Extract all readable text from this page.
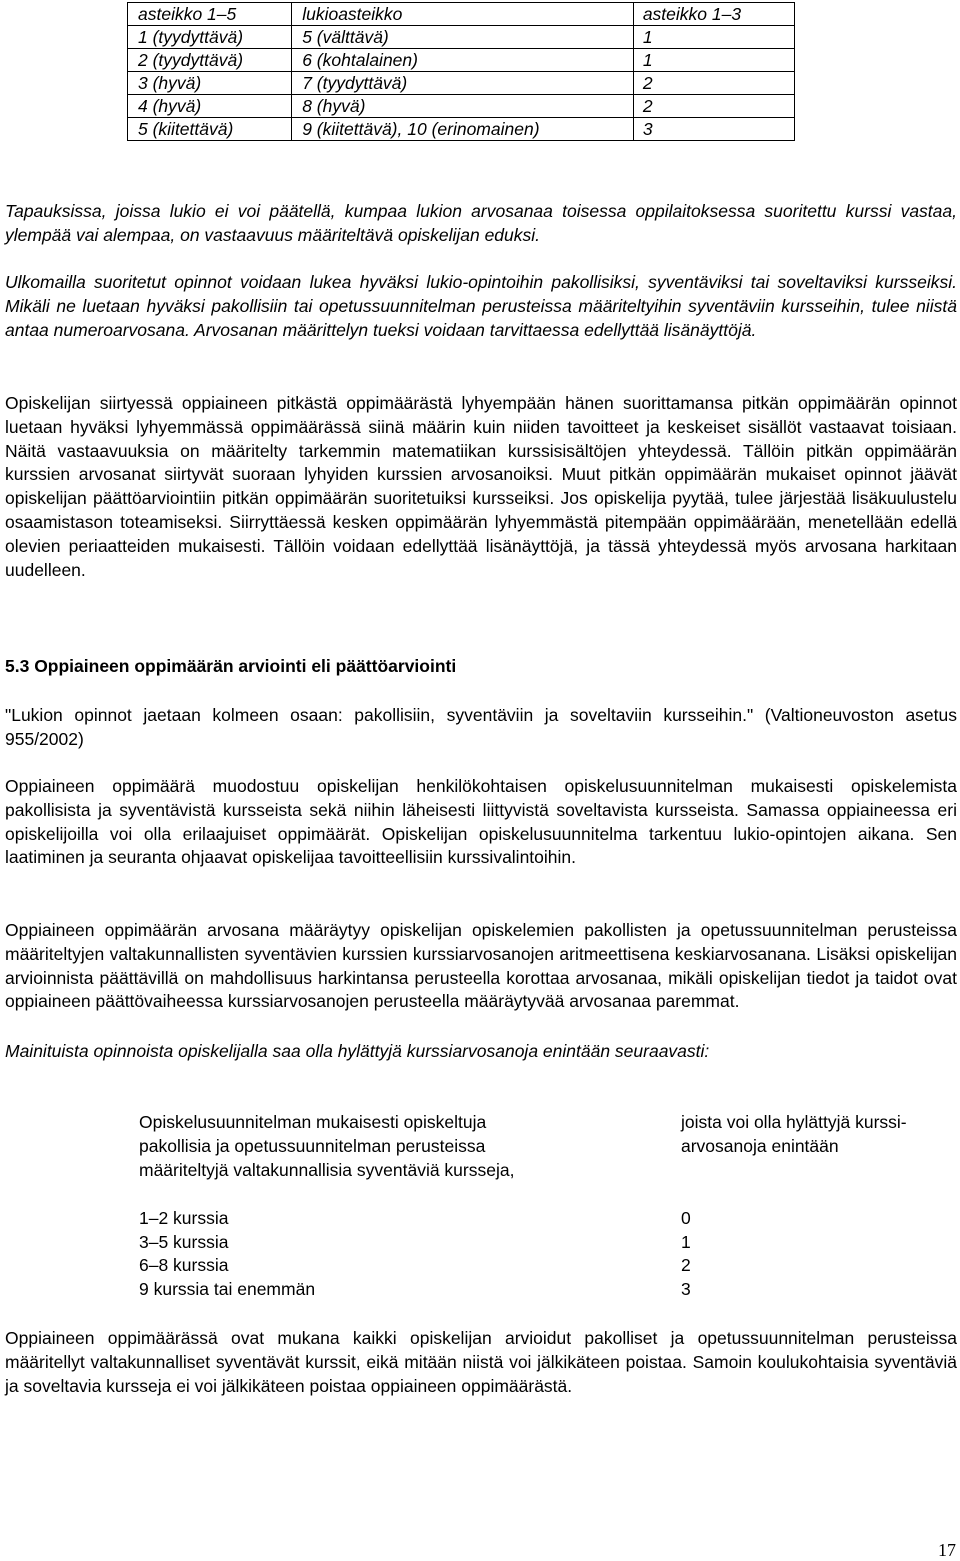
asteikko 1–5	lukioasteikko	asteikko 1–3
1 (tyydyttävä)	5 (välttävä)	1
2 (tyydyttävä)	6 (kohtalainen)	1
3 (hyvä)	7 (tyydyttävä)	2
4 (hyvä)	8 (hyvä)	2
5 (kiitettävä)	9 (kiitettävä), 10 (erinomainen)	3

Tapauksissa, joissa lukio ei voi päätellä, kumpaa lukion arvosanaa toisessa oppilaitoksessa suoritettu kurssi vastaa, ylempää vai alempaa, on vastaavuus määriteltävä opiskelijan eduksi.

Ulkomailla suoritetut opinnot voidaan lukea hyväksi lukio-opintoihin pakollisiksi, syventäviksi tai soveltaviksi kursseiksi. Mikäli ne luetaan hyväksi pakollisiin tai opetussuunnitelman perusteissa määriteltyihin syventäviin kursseihin, tulee niistä antaa numeroarvosana. Arvosanan määrittelyn tueksi voidaan tarvittaessa edellyttää lisänäyttöjä.

Opiskelijan siirtyessä oppiaineen pitkästä oppimäärästä lyhyempään hänen suorittamansa pitkän oppimäärän opinnot luetaan hyväksi lyhyemmässä oppimäärässä siinä määrin kuin niiden tavoitteet ja keskeiset sisällöt vastaavat toisiaan. Näitä vastaavuuksia on määritelty tarkemmin matematiikan kurssisisältöjen yhteydessä. Tällöin pitkän oppimäärän kurssien arvosanat siirtyvät suoraan lyhyiden kurssien arvosanoiksi. Muut pitkän oppimäärän mukaiset opinnot jäävät opiskelijan päättöarviointiin pitkän oppimäärän suoritetuiksi kursseiksi. Jos opiskelija pyytää, tulee järjestää lisäkuulustelu osaamistason toteamiseksi. Siirryttäessä kesken oppimäärän lyhyemmästä pitempään oppimäärään, menetellään edellä olevien periaatteiden mukaisesti. Tällöin voidaan edellyttää lisänäyttöjä, ja tässä yhteydessä myös arvosana harkitaan uudelleen.

5.3 Oppiaineen oppimäärän arviointi eli päättöarviointi

"Lukion opinnot jaetaan kolmeen osaan: pakollisiin, syventäviin ja soveltaviin kursseihin." (Valtioneuvoston asetus 955/2002)

Oppiaineen oppimäärä muodostuu opiskelijan henkilökohtaisen opiskelusuunnitelman mukaisesti opiskelemista pakollisista ja syventävistä kursseista sekä niihin läheisesti liittyvistä soveltavista kursseista. Samassa oppiaineessa eri opiskelijoilla voi olla erilaajuiset oppimäärät. Opiskelijan opiskelusuunnitelma tarkentuu lukio-opintojen aikana. Sen laatiminen ja seuranta ohjaavat opiskelijaa tavoitteellisiin kurssivalintoihin.

Oppiaineen oppimäärän arvosana määräytyy opiskelijan opiskelemien pakollisten ja opetussuunnitelman perusteissa määriteltyjen valtakunnallisten syventävien kurssien kurssiarvosanojen aritmeettisena keskiarvosanana. Lisäksi opiskelijan arvioinnista päättävillä on mahdollisuus harkintansa perusteella korottaa arvosanaa, mikäli opiskelijan tiedot ja taidot ovat oppiaineen päättövaiheessa kurssiarvosanojen perusteella määräytyvää arvosanaa paremmat.

Mainituista opinnoista opiskelijalla saa olla hylättyjä kurssiarvosanoja enintään seuraavasti:

Opiskelusuunnitelman mukaisesti opiskeltuja
pakollisia ja opetussuunnitelman perusteissa
määriteltyjä valtakunnallisia syventäviä kursseja,
joista voi olla hylättyjä kurssi-
arvosanoja enintään
1–2 kurssia	0
3–5 kurssia	1
6–8 kurssia	2
9 kurssia tai enemmän	3

Oppiaineen oppimäärässä ovat mukana kaikki opiskelijan arvioidut pakolliset ja opetussuunnitelman perusteissa määritellyt valtakunnalliset syventävät kurssit, eikä mitään niistä voi jälkikäteen poistaa. Samoin koulukohtaisia syventäviä ja soveltavia kursseja ei voi jälkikäteen poistaa oppiaineen oppimäärästä.

17
